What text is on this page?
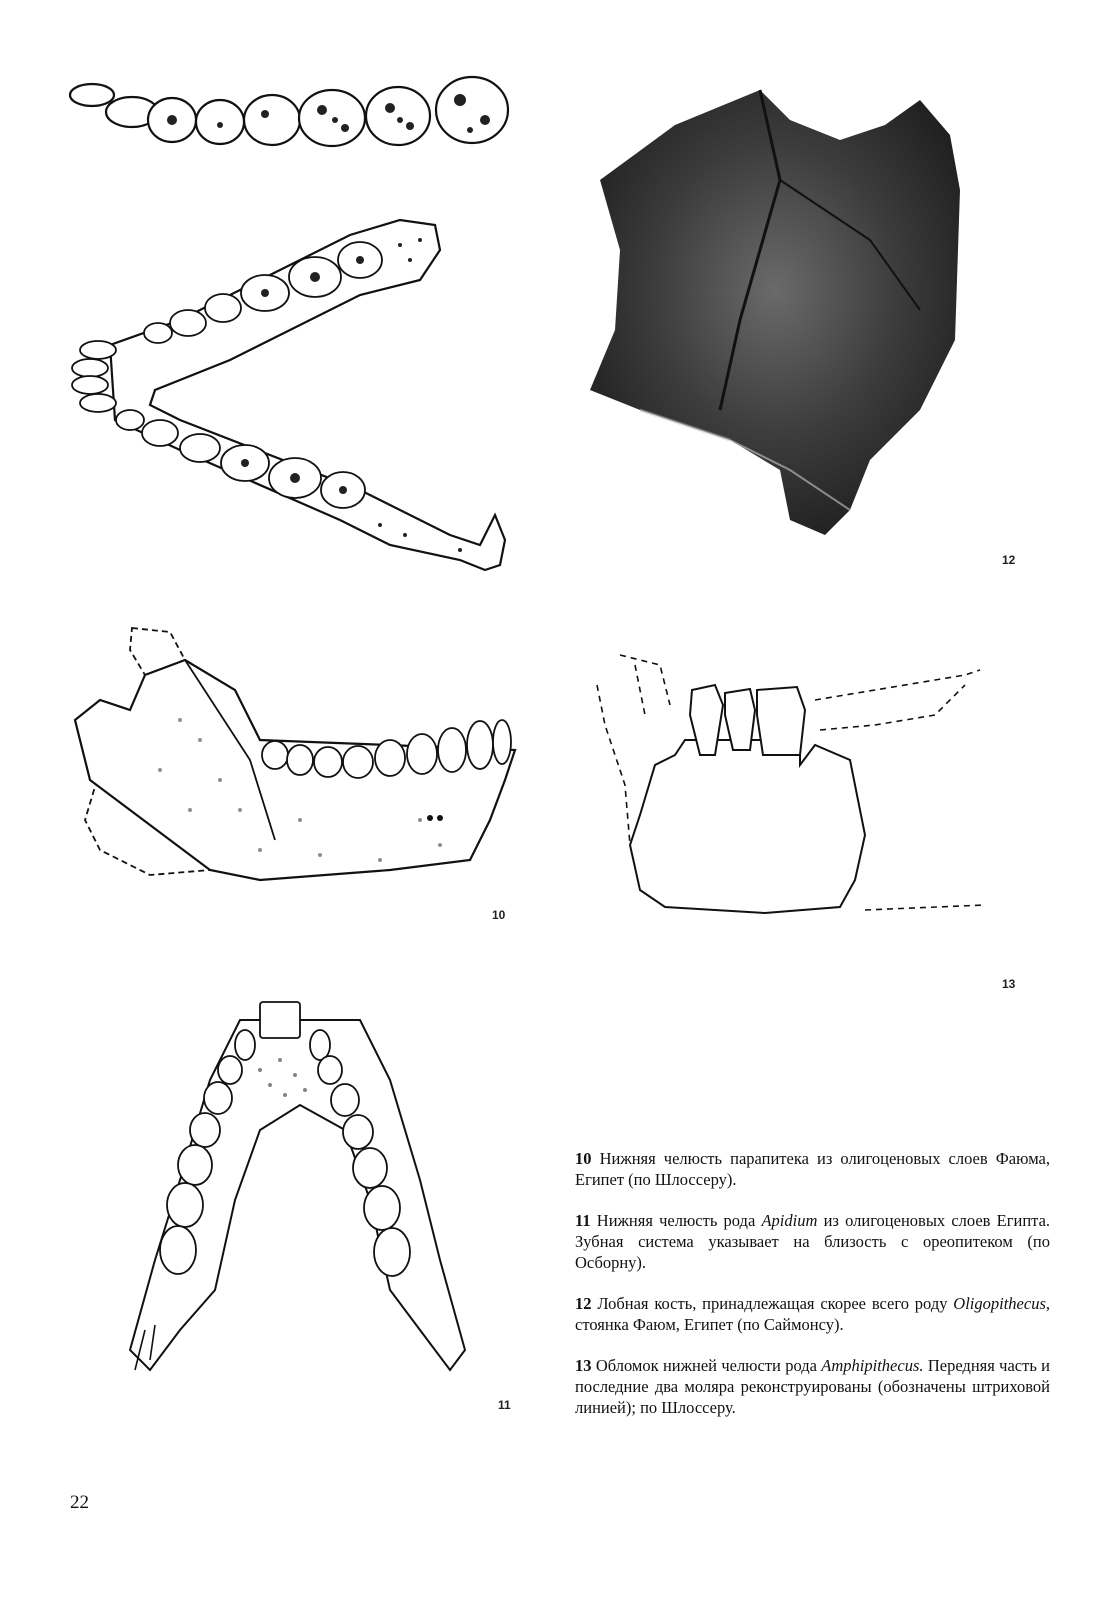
10
12
13
11

10 Нижняя челюсть парапитека из олигоценовых слоев Фаюма, Египет (по Шлоссеру).

11 Нижняя челюсть рода Apidium из олигоценовых слоев Египта. Зубная система указывает на близость с ореопитеком (по Осборну).

12 Лобная кость, принадлежащая скорее всего роду Oligopithecus, стоянка Фаюм, Египет (по Саймонсу).

13 Обломок нижней челюсти рода Amphipithecus. Передняя часть и последние два моляра реконструированы (обозначены штриховой линией); по Шлоссеру.

22
